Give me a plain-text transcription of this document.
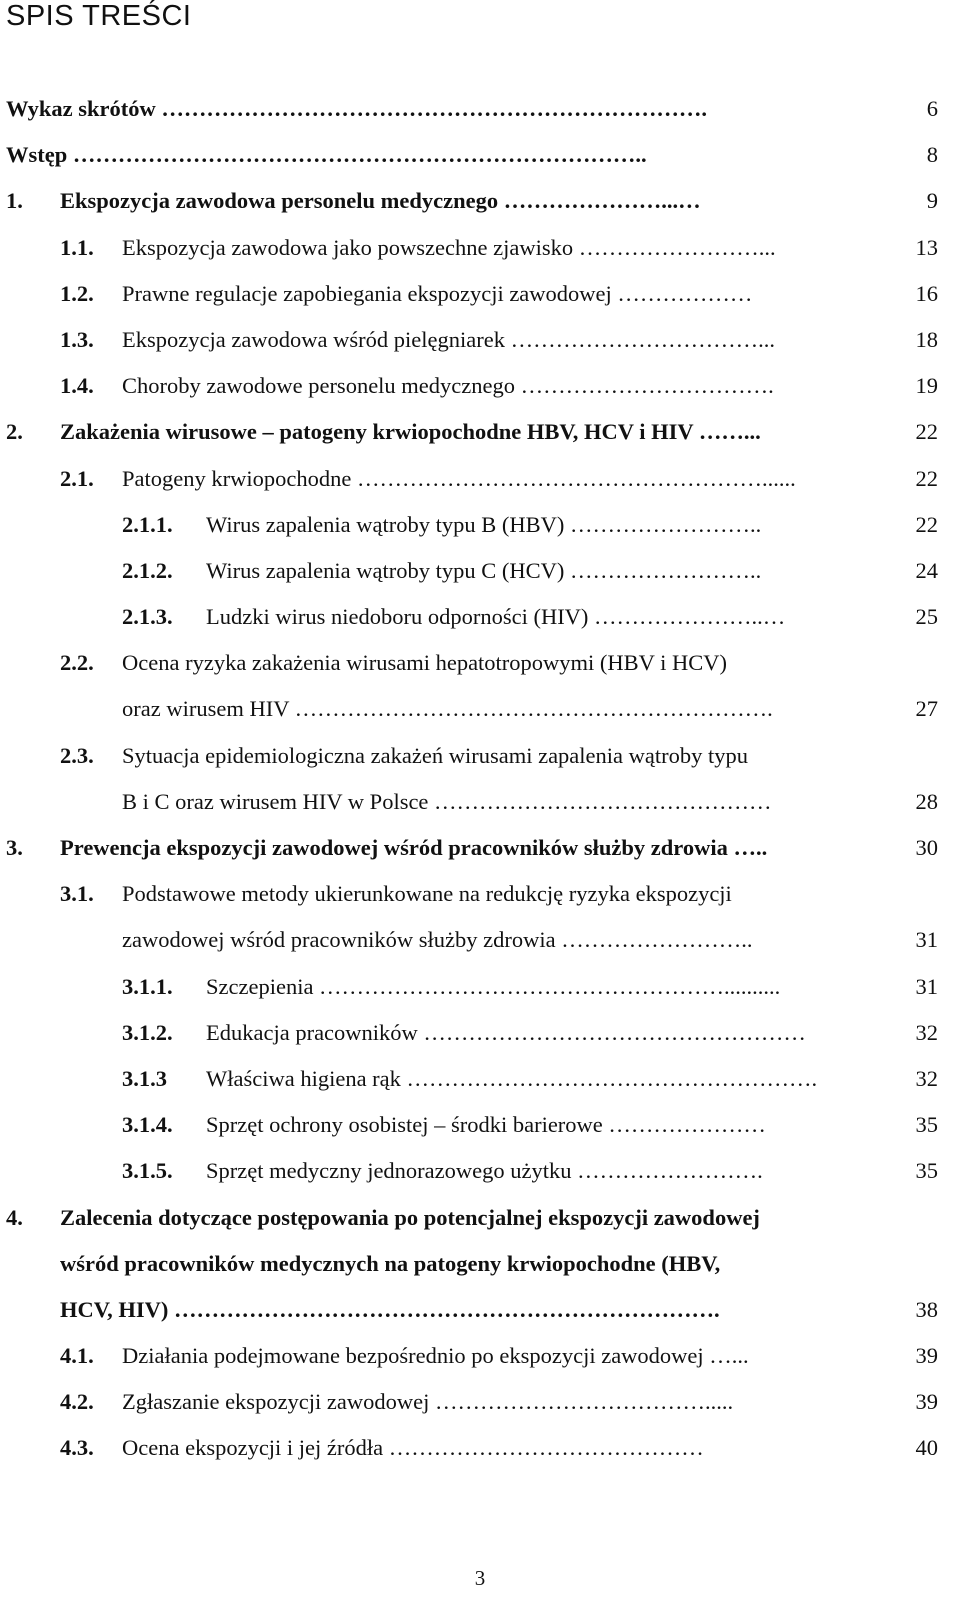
SPIS TREŚCI
Wykaz skrótów ……………………………………………………………….	6
Wstęp …………………………………………………………………..	8
1. Ekspozycja zawodowa personelu medycznego …………………...…	9
1.1. Ekspozycja zawodowa jako powszechne zjawisko ……………………...	13
1.2. Prawne regulacje zapobiegania ekspozycji zawodowej ………………	16
1.3. Ekspozycja zawodowa wśród pielęgniarek ……………………………...	18
1.4. Choroby zawodowe personelu medycznego …………………………….	19
2. Zakażenia wirusowe – patogeny krwiopochodne HBV, HCV i HIV ……...	22
2.1. Patogeny krwiopochodne ………………………………………………......	22
2.1.1. Wirus zapalenia wątroby typu B (HBV) ……………………..	22
2.1.2. Wirus zapalenia wątroby typu C (HCV) ……………………..	24
2.1.3. Ludzki wirus niedoboru odporności (HIV) …………………..…	25
2.2. Ocena ryzyka zakażenia wirusami hepatotropowymi (HBV i HCV)
oraz wirusem HIV ……………………………………………………….	27
2.3. Sytuacja epidemiologiczna zakażeń wirusami zapalenia wątroby typu
B i C oraz wirusem HIV w Polsce ………………………………………	28
3. Prewencja ekspozycji zawodowej wśród pracowników służby zdrowia …..	30
3.1. Podstawowe metody ukierunkowane na redukcję ryzyka ekspozycji
zawodowej wśród pracowników służby zdrowia ……………………..	31
3.1.1. Szczepienia ………………………………………………..........	31
3.1.2. Edukacja pracowników ……………………………………………	32
3.1.3 Właściwa higiena rąk ……………………………………………….	32
3.1.4. Sprzęt ochrony osobistej – środki barierowe …………………	35
3.1.5. Sprzęt medyczny jednorazowego użytku …………………….	35
4. Zalecenia dotyczące postępowania po potencjalnej ekspozycji zawodowej
wśród pracowników medycznych na patogeny krwiopochodne (HBV,
HCV, HIV) ……………………………………………………………….	38
4.1. Działania podejmowane bezpośrednio po ekspozycji zawodowej …...	39
4.2. Zgłaszanie ekspozycji zawodowej ……………………………….....	39
4.3. Ocena ekspozycji i jej źródła ……………………………………	40
3
